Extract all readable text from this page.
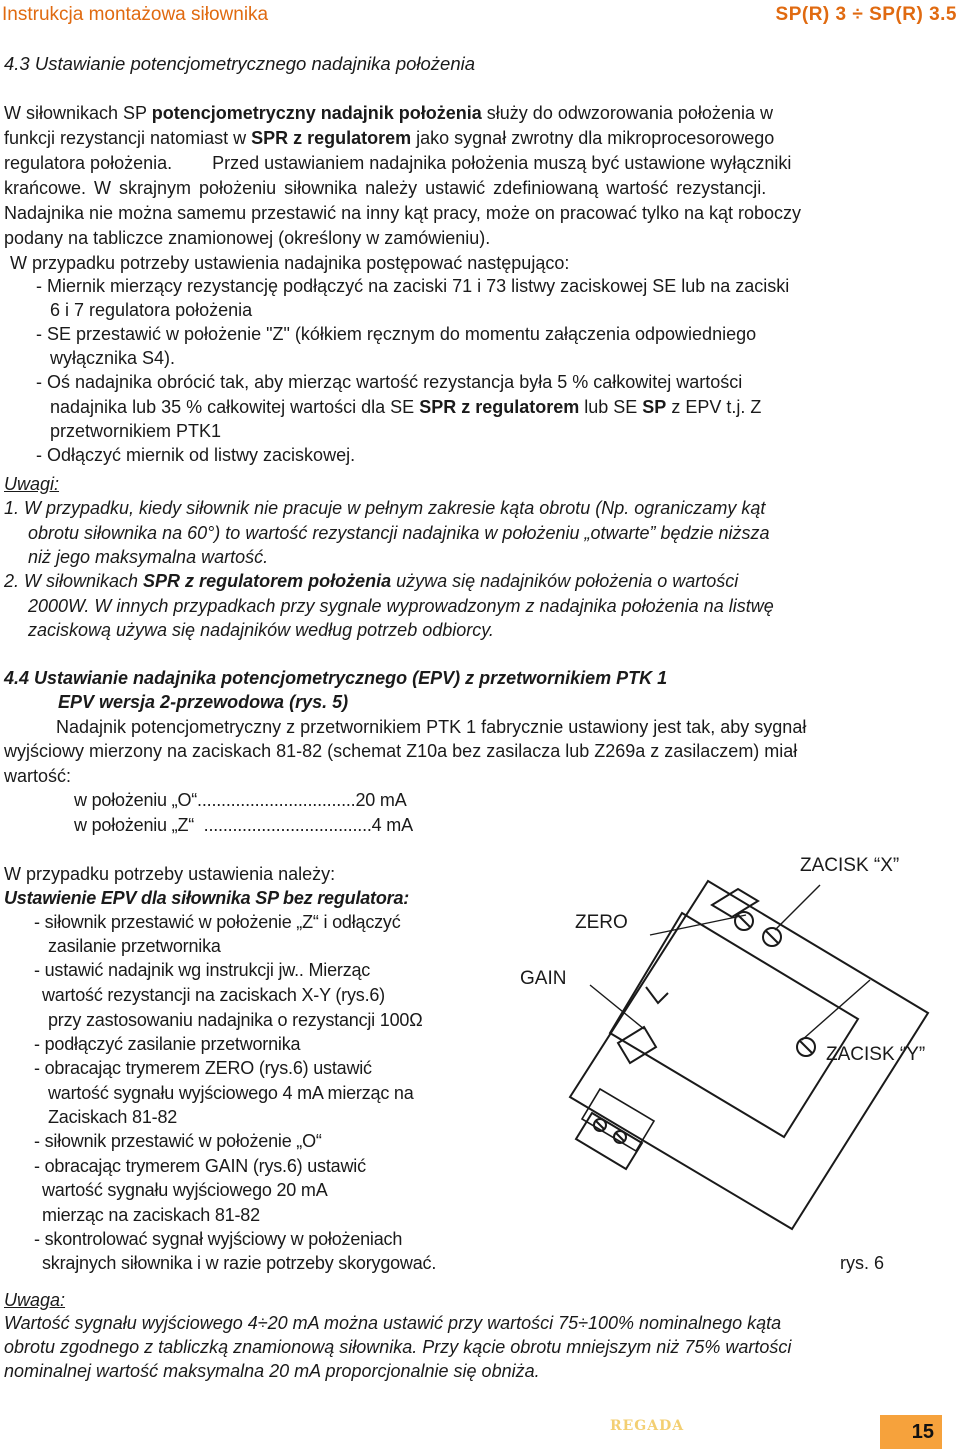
Instrukcja montażowa siłownika	SP(R) 3 ÷ SP(R) 3.5
4.3 Ustawianie potencjometrycznego nadajnika położenia
W siłownikach SP potencjometryczny nadajnik położenia służy do odwzorowania położenia w
funkcji rezystancji natomiast w SPR z regulatorem jako sygnał zwrotny dla mikroprocesorowego
regulatora położenia.        Przed ustawianiem nadajnika położenia muszą być ustawione wyłączniki
krańcowe. W skrajnym położeniu siłownika należy ustawić zdefiniowaną wartość rezystancji.
Nadajnika nie można samemu przestawić na inny kąt pracy, może on pracować tylko na kąt roboczy
podany na tabliczce znamionowej (określony w zamówieniu).
W przypadku potrzeby ustawienia nadajnika postępować następująco:
- Miernik mierzący rezystancję podłączyć na zaciski 71 i 73 listwy zaciskowej SE lub na zaciski
6 i 7 regulatora położenia
- SE przestawić w położenie "Z" (kółkiem ręcznym do momentu załączenia odpowiedniego
wyłącznika S4).
- Oś nadajnika obrócić tak, aby mierząc wartość rezystancja była 5 % całkowitej wartości
nadajnika lub 35 % całkowitej wartości dla SE SPR z regulatorem lub SE SP z EPV t.j. Z
przetwornikiem PTK1
- Odłączyć miernik od listwy zaciskowej.
Uwagi:
1. W przypadku, kiedy siłownik nie pracuje w pełnym zakresie kąta obrotu (Np. ograniczamy kąt
obrotu siłownika na 60°) to wartość rezystancji nadajnika w położeniu „otwarte” będzie niższa
niż jego maksymalna wartość.
2. W siłownikach SPR z regulatorem położenia używa się nadajników położenia o wartości
2000W. W innych przypadkach przy sygnale wyprowadzonym z nadajnika położenia na listwę
zaciskową używa się nadajników według potrzeb odbiorcy.
4.4 Ustawianie nadajnika potencjometrycznego (EPV) z przetwornikiem PTK 1
EPV wersja 2-przewodowa (rys. 5)
Nadajnik potencjometryczny z przetwornikiem PTK 1 fabrycznie ustawiony jest tak, aby sygnał
wyjściowy mierzony na zaciskach 81-82 (schemat Z10a bez zasilacza lub Z269a z zasilaczem) miał
wartość:
w położeniu „O“.................................20 mA
w położeniu „Z“  ...................................4 mA
W przypadku potrzeby ustawienia należy:
Ustawienie EPV dla siłownika SP bez regulatora:
- siłownik przestawić w położenie „Z“ i odłączyć
zasilanie przetwornika
- ustawić nadajnik wg instrukcji jw.. Mierząc
wartość rezystancji na zaciskach X-Y (rys.6)
przy zastosowaniu nadajnika o rezystancji 100Ω
- podłączyć zasilanie przetwornika
- obracając trymerem ZERO (rys.6) ustawić
wartość sygnału wyjściowego 4 mA mierząc na
Zaciskach 81-82
- siłownik przestawić w położenie „O“
- obracając trymerem GAIN (rys.6) ustawić
wartość sygnału wyjściowego 20 mA
mierząc na zaciskach 81-82
- skontrolować sygnał wyjściowy w położeniach
skrajnych siłownika i w razie potrzeby skorygować.
ZACISK “X”
ZERO
GAIN
ZACISK “Y”
rys. 6
Uwaga:
Wartość sygnału wyjściowego 4÷20 mA można ustawić przy wartości 75÷100% nominalnego kąta
obrotu zgodnego z tabliczką znamionową siłownika. Przy kącie obrotu mniejszym niż 75% wartości
nominalnej wartość maksymalna 20 mA proporcjonalnie się obniża.
REGADA	15
